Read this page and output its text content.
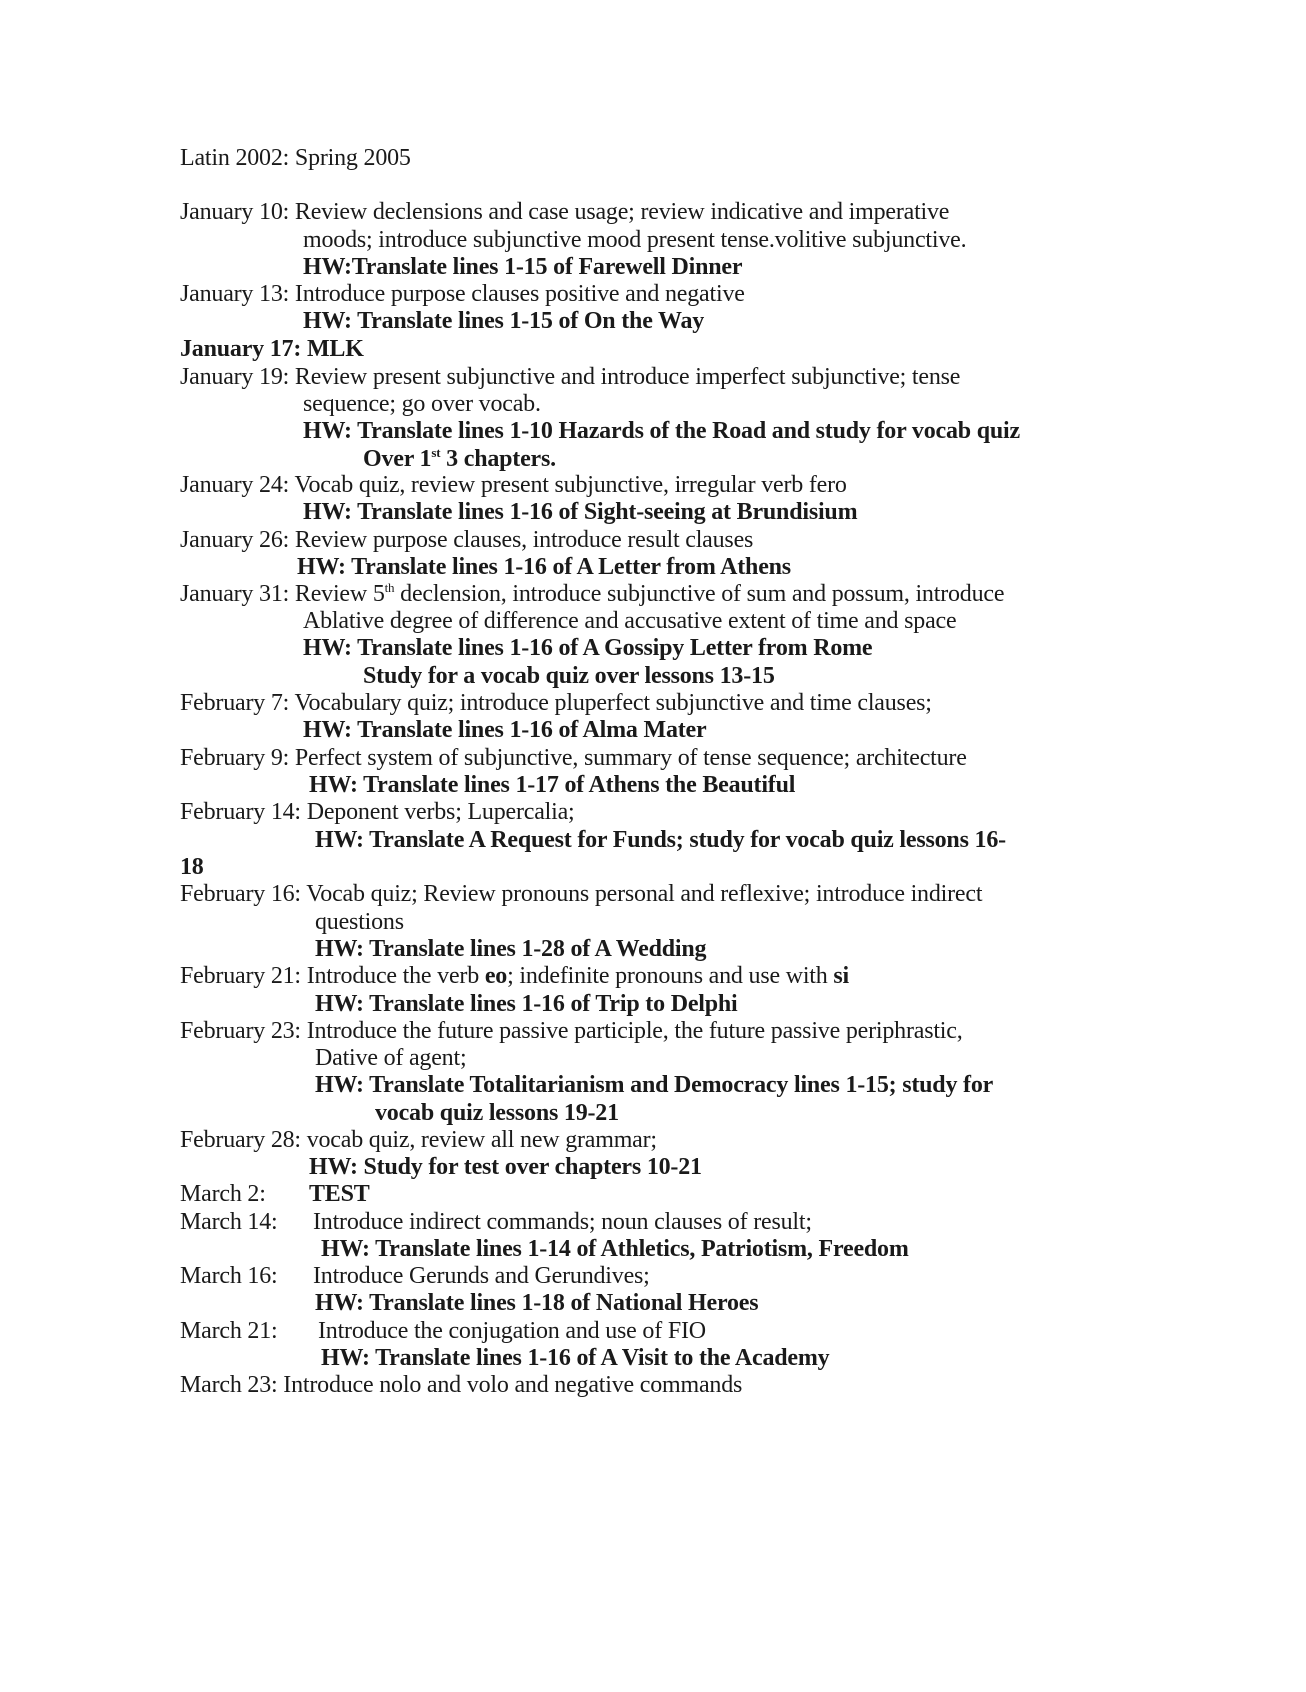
Latin 2002: Spring 2005
January 10: Review declensions and case usage; review indicative and imperative
moods; introduce subjunctive mood present tense.volitive subjunctive.
HW:Translate lines 1-15 of Farewell Dinner
January 13: Introduce purpose clauses positive and negative
HW: Translate lines 1-15 of On the Way
January 17: MLK
January 19: Review present subjunctive and introduce imperfect subjunctive; tense
sequence; go over vocab.
HW: Translate lines 1-10 Hazards of the Road and study for vocab quiz
Over 1st 3 chapters.
January 24: Vocab quiz, review present subjunctive, irregular verb fero
HW: Translate lines 1-16 of Sight-seeing at Brundisium
January 26: Review purpose clauses, introduce result clauses
HW: Translate lines 1-16 of A Letter from Athens
January 31: Review 5th declension, introduce subjunctive of sum and possum, introduce
Ablative degree of difference and accusative extent of time and space
HW: Translate lines 1-16 of A Gossipy Letter from Rome
Study for a vocab quiz over lessons 13-15
February 7: Vocabulary quiz; introduce pluperfect subjunctive and time clauses;
HW: Translate lines 1-16 of Alma Mater
February 9: Perfect system of subjunctive, summary of tense sequence; architecture
HW: Translate lines 1-17 of Athens the Beautiful
February 14: Deponent verbs; Lupercalia;
HW: Translate A Request for Funds; study for vocab quiz lessons 16-
18
February 16: Vocab quiz; Review pronouns personal and reflexive; introduce indirect
questions
HW: Translate lines 1-28 of A Wedding
February 21: Introduce the verb eo; indefinite pronouns and use with si
HW: Translate lines 1-16 of Trip to Delphi
February 23: Introduce the future passive participle, the future passive periphrastic,
Dative of agent;
HW: Translate Totalitarianism and Democracy lines 1-15; study for
vocab quiz lessons 19-21
February 28: vocab quiz, review all new grammar;
HW: Study for test over chapters 10-21
March 2: TEST
March 14: Introduce indirect commands; noun clauses of result;
HW: Translate lines 1-14 of Athletics, Patriotism, Freedom
March 16: Introduce Gerunds and Gerundives;
HW: Translate lines 1-18 of National Heroes
March 21: Introduce the conjugation and use of FIO
HW: Translate lines 1-16 of A Visit to the Academy
March 23: Introduce nolo and volo and negative commands
